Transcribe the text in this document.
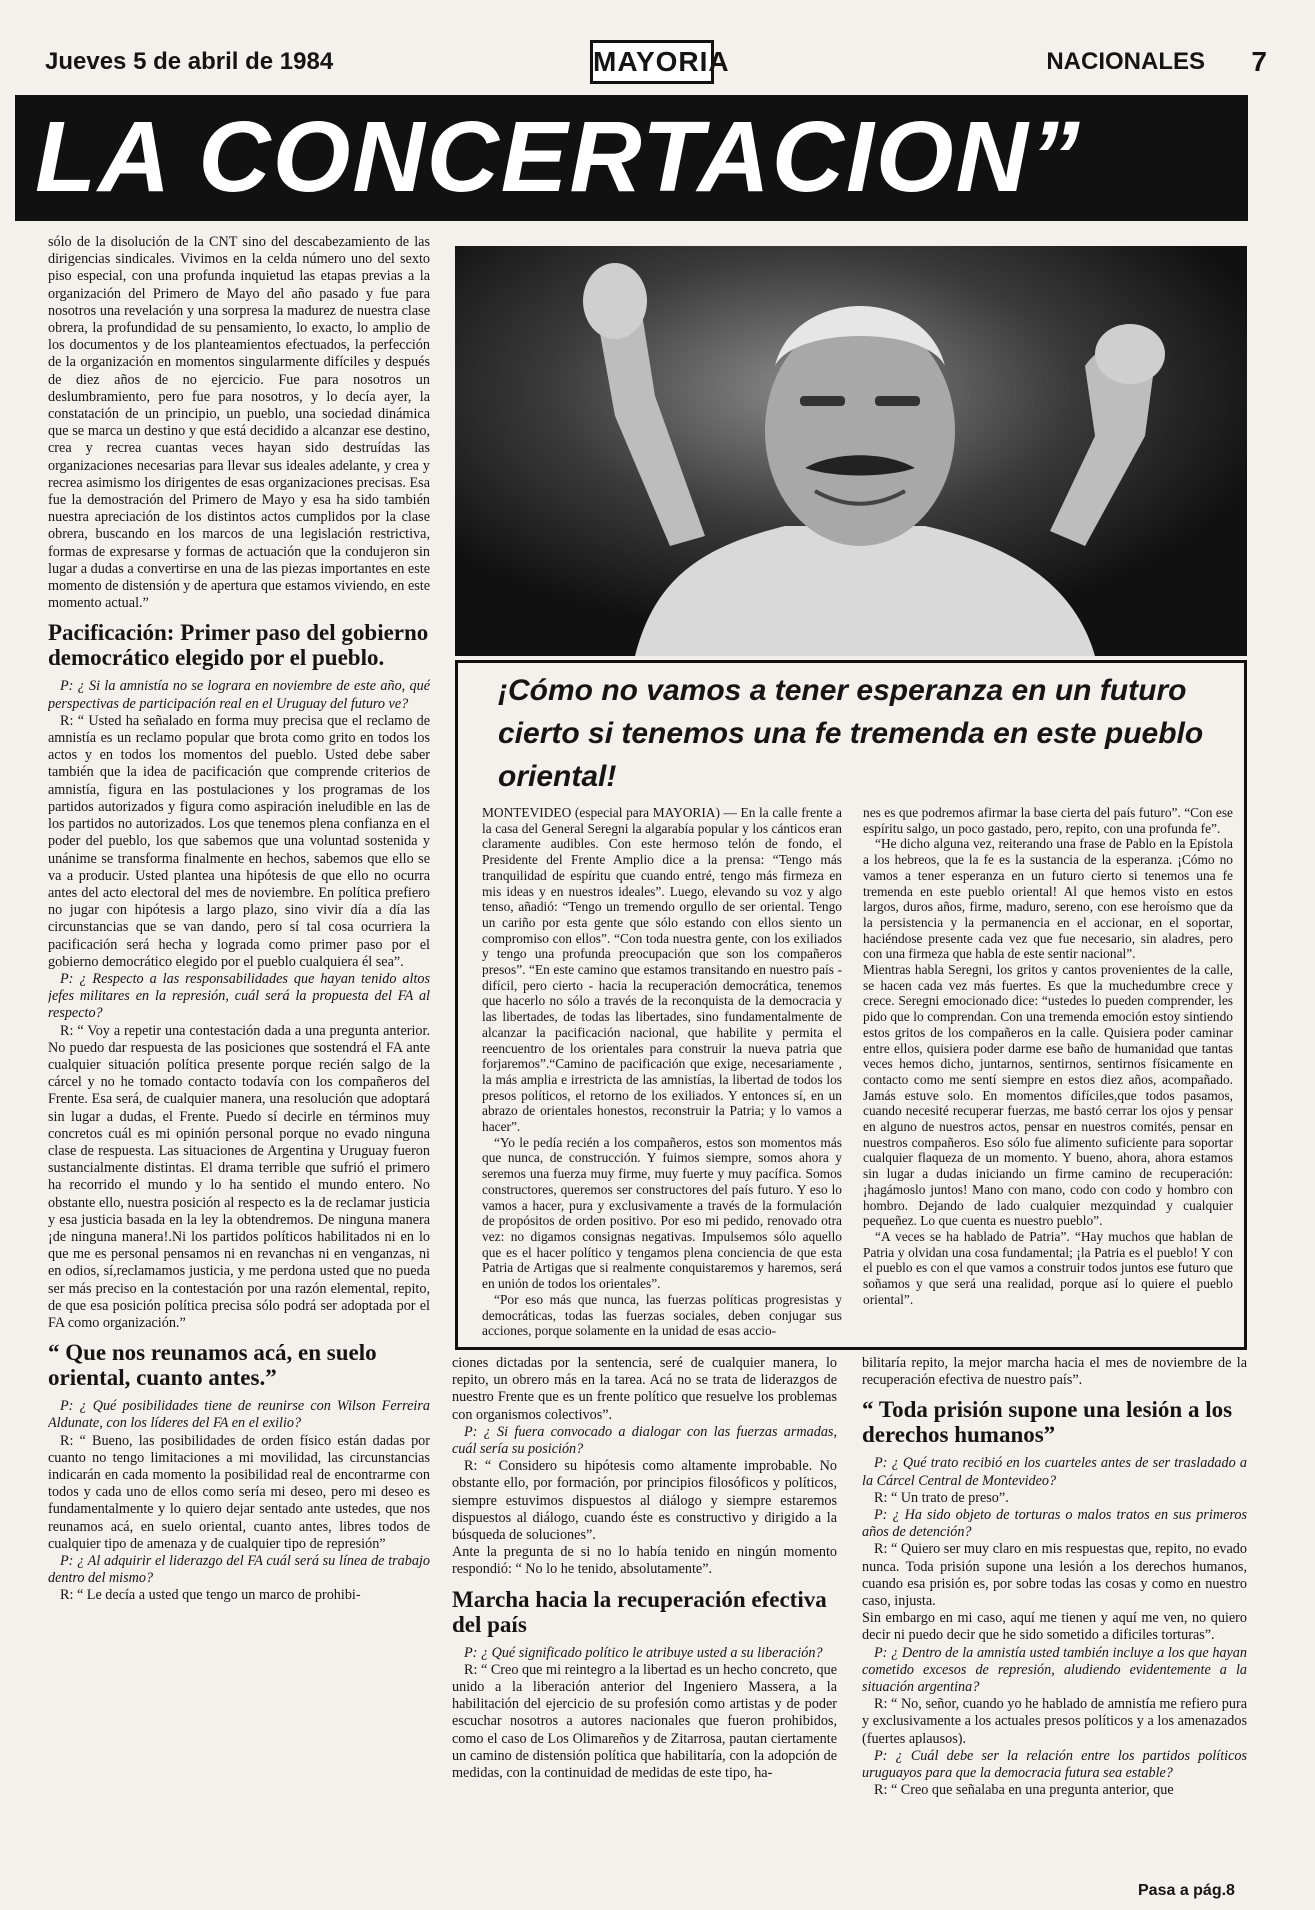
Jueves 5 de abril de 1984	MAYORIA	NACIONALES 7
LA CONCERTACION”

sólo de la disolución de la CNT sino del descabezamiento de las dirigencias sindicales. Vivimos en la celda número uno del sexto piso especial, con una profunda inquietud las etapas previas a la organización del Primero de Mayo del año pasado y fue para nosotros una revelación y una sorpresa la madurez de nuestra clase obrera, la profundidad de su pensamiento, lo exacto, lo amplio de los documentos y de los planteamientos efectuados, la perfección de la organización en momentos singularmente difíciles y después de diez años de no ejercicio. Fue para nosotros un deslumbramiento, pero fue para nosotros, y lo decía ayer, la constatación de un principio, un pueblo, una sociedad dinámica que se marca un destino y que está decidido a alcanzar ese destino, crea y recrea cuantas veces hayan sido destruídas las organizaciones necesarias para llevar sus ideales adelante, y crea y recrea asimismo los dirigentes de esas organizaciones precisas. Esa fue la demostración del Primero de Mayo y esa ha sido también nuestra apreciación de los distintos actos cumplidos por la clase obrera, buscando en los marcos de una legislación restrictiva, formas de expresarse y formas de actuación que la condujeron sin lugar a dudas a convertirse en una de las piezas importantes en este momento de distensión y de apertura que estamos viviendo, en este momento actual.”

Pacificación: Primer paso del gobierno democrático elegido por el pueblo.

P: ¿ Si la amnistía no se lograra en noviembre de este año, qué perspectivas de participación real en el Uruguay del futuro ve?

R: “ Usted ha señalado en forma muy precisa que el reclamo de amnistía es un reclamo popular que brota como grito en todos los actos y en todos los momentos del pueblo. Usted debe saber también que la idea de pacificación que comprende criterios de amnistía, figura en las postulaciones y los programas de los partidos autorizados y figura como aspiración ineludible en las de los partidos no autorizados. Los que tenemos plena confianza en el poder del pueblo, los que sabemos que una voluntad sostenida y unánime se transforma finalmente en hechos, sabemos que ello se va a producir. Usted plantea una hipótesis de que ello no ocurra antes del acto electoral del mes de noviembre. En política prefiero no jugar con hipótesis a largo plazo, sino vivir día a día las circunstancias que se van dando, pero sí tal cosa ocurriera la pacificación será hecha y lograda como primer paso por el gobierno democrático elegido por el pueblo cualquiera él sea”.

P: ¿ Respecto a las responsabilidades que hayan tenido altos jefes militares en la represión, cuál será la propuesta del FA al respecto?

R: “ Voy a repetir una contestación dada a una pregunta anterior. No puedo dar respuesta de las posiciones que sostendrá el FA ante cualquier situación política presente porque recién salgo de la cárcel y no he tomado contacto todavía con los compañeros del Frente. Esa será, de cualquier manera, una resolución que adoptará sin lugar a dudas, el Frente. Puedo sí decirle en términos muy concretos cuál es mi opinión personal porque no evado ninguna clase de respuesta. Las situaciones de Argentina y Uruguay fueron sustancialmente distintas. El drama terrible que sufrió el primero ha recorrido el mundo y lo ha sentido el mundo entero. No obstante ello, nuestra posición al respecto es la de reclamar justicia y esa justicia basada en la ley la obtendremos. De ninguna manera ¡de ninguna manera!.Ni los partidos políticos habilitados ni en lo que me es personal pensamos ni en revanchas ni en venganzas, ni en odios, sí,reclamamos justicia, y me perdona usted que no pueda ser más preciso en la contestación por una razón elemental, repito, de que esa posición política precisa sólo podrá ser adoptada por el FA como organización.”

“ Que nos reunamos acá, en suelo oriental, cuanto antes.”

P: ¿ Qué posibilidades tiene de reunirse con Wilson Ferreira Aldunate, con los líderes del FA en el exilio?

R: “ Bueno, las posibilidades de orden físico están dadas por cuanto no tengo limitaciones a mi movilidad, las circunstancias indicarán en cada momento la posibilidad real de encontrarme con todos y cada uno de ellos como sería mi deseo, pero mi deseo es fundamentalmente y lo quiero dejar sentado ante ustedes, que nos reunamos acá, en suelo oriental, cuanto antes, libres todos de cualquier tipo de amenaza y de cualquier tipo de represión”

P: ¿ Al adquirir el liderazgo del FA cuál será su línea de trabajo dentro del mismo?

R: “ Le decía a usted que tengo un marco de prohibi-

¡Cómo no vamos a tener esperanza en un futuro cierto si tenemos una fe tremenda en este pueblo oriental!

MONTEVIDEO (especial para MAYORIA) — En la calle frente a la casa del General Seregni la algarabía popular y los cánticos eran claramente audibles. Con este hermoso telón de fondo, el Presidente del Frente Amplio dice a la prensa: “Tengo más tranquilidad de espíritu que cuando entré, tengo más firmeza en mis ideas y en nuestros ideales”. Luego, elevando su voz y algo tenso, añadió: “Tengo un tremendo orgullo de ser oriental. Tengo un cariño por esta gente que sólo estando con ellos siento un compromiso con ellos”. “Con toda nuestra gente, con los exiliados y tengo una profunda preocupación que son los compañeros presos”. “En este camino que estamos transitando en nuestro país - difícil, pero cierto - hacia la recuperación democrática, tenemos que hacerlo no sólo a través de la reconquista de la democracia y las libertades, de todas las libertades, sino fundamentalmente de alcanzar la pacificación nacional, que habilite y permita el reencuentro de los orientales para construir la nueva patria que forjaremos”.“Camino de pacificación que exige, necesariamente , la más amplia e irrestricta de las amnistías, la libertad de todos los presos políticos, el retorno de los exiliados. Y entonces sí, en un abrazo de orientales honestos, reconstruir la Patria; y lo vamos a hacer”.

“Yo le pedía recién a los compañeros, estos son momentos más que nunca, de construcción. Y fuimos siempre, somos ahora y seremos una fuerza muy firme, muy fuerte y muy pacífica. Somos constructores, queremos ser constructores del país futuro. Y eso lo vamos a hacer, pura y exclusivamente a través de la formulación de propósitos de orden positivo. Por eso mi pedido, renovado otra vez: no digamos consignas negativas. Impulsemos sólo aquello que es el hacer político y tengamos plena conciencia de que esta Patria de Artigas que si realmente conquistaremos y haremos, será en unión de todos los orientales”.

“Por eso más que nunca, las fuerzas políticas progresistas y democráticas, todas las fuerzas sociales, deben conjugar sus acciones, porque solamente en la unidad de esas accio-

nes es que podremos afirmar la base cierta del país futuro”. “Con ese espíritu salgo, un poco gastado, pero, repito, con una profunda fe”.

“He dicho alguna vez, reiterando una frase de Pablo en la Epístola a los hebreos, que la fe es la sustancia de la esperanza. ¡Cómo no vamos a tener esperanza en un futuro cierto si tenemos una fe tremenda en este pueblo oriental! Al que hemos visto en estos largos, duros años, firme, maduro, sereno, con ese heroísmo que da la persistencia y la permanencia en el accionar, en el soportar, haciéndose presente cada vez que fue necesario, sin aladres, pero con una firmeza que habla de este sentir nacional”.

Mientras habla Seregni, los gritos y cantos provenientes de la calle, se hacen cada vez más fuertes. Es que la muchedumbre crece y crece. Seregni emocionado dice: “ustedes lo pueden comprender, les pido que lo comprendan. Con una tremenda emoción estoy sintiendo estos gritos de los compañeros en la calle. Quisiera poder caminar entre ellos, quisiera poder darme ese baño de humanidad que tantas veces hemos dicho, juntarnos, sentirnos, sentirnos físicamente en contacto como me sentí siempre en estos diez años, acompañado. Jamás estuve solo. En momentos difíciles,que todos pasamos, cuando necesité recuperar fuerzas, me bastó cerrar los ojos y pensar en alguno de nuestros actos, pensar en nuestros comités, pensar en nuestros compañeros. Eso sólo fue alimento suficiente para soportar cualquier flaqueza de un momento. Y bueno, ahora, ahora estamos sin lugar a dudas iniciando un firme camino de recuperación: ¡hagámoslo juntos! Mano con mano, codo con codo y hombro con hombro. Dejando de lado cualquier mezquindad y cualquier pequeñez. Lo que cuenta es nuestro pueblo”.

“A veces se ha hablado de Patria”. “Hay muchos que hablan de Patria y olvidan una cosa fundamental; ¡la Patria es el pueblo! Y con el pueblo es con el que vamos a construir todos juntos ese futuro que soñamos y que será una realidad, porque así lo quiere el pueblo oriental”.

ciones dictadas por la sentencia, seré de cualquier manera, lo repito, un obrero más en la tarea. Acá no se trata de liderazgos de nuestro Frente que es un frente político que resuelve los problemas con organismos colectivos”.

P: ¿ Si fuera convocado a dialogar con las fuerzas armadas, cuál sería su posición?

R: “ Considero su hipótesis como altamente improbable. No obstante ello, por formación, por principios filosóficos y políticos, siempre estuvimos dispuestos al diálogo y siempre estaremos dispuestos al diálogo, cuando éste es constructivo y dirigido a la búsqueda de soluciones”.

Ante la pregunta de si no lo había tenido en ningún momento respondió: “ No lo he tenido, absolutamente”.

Marcha hacia la recuperación efectiva del país

P: ¿ Qué significado político le atribuye usted a su liberación?

R: “ Creo que mi reintegro a la libertad es un hecho concreto, que unido a la liberación anterior del Ingeniero Massera, a la habilitación del ejercicio de su profesión como artistas y de poder escuchar nosotros a autores nacionales que fueron prohibidos, como el caso de Los Olimareños y de Zitarrosa, pautan ciertamente un camino de distensión política que habilitaría, con la adopción de medidas, con la continuidad de medidas de este tipo, ha-

bilitaría repito, la mejor marcha hacia el mes de noviembre de la recuperación efectiva de nuestro país”.

“ Toda prisión supone una lesión a los derechos humanos”

P: ¿ Qué trato recibió en los cuarteles antes de ser trasladado a la Cárcel Central de Montevideo?

R: “ Un trato de preso”.

P: ¿ Ha sido objeto de torturas o malos tratos en sus primeros años de detención?

R: “ Quiero ser muy claro en mis respuestas que, repito, no evado nunca. Toda prisión supone una lesión a los derechos humanos, cuando esa prisión es, por sobre todas las cosas y como en nuestro caso, injusta.

Sin embargo en mi caso, aquí me tienen y aquí me ven, no quiero decir ni puedo decir que he sido sometido a dificiles torturas”.

P: ¿ Dentro de la amnistía usted también incluye a los que hayan cometido excesos de represión, aludiendo evidentemente a la situación argentina?

R: “ No, señor, cuando yo he hablado de amnistía me refiero pura y exclusivamente a los actuales presos políticos y a los amenazados (fuertes aplausos).

P: ¿ Cuál debe ser la relación entre los partidos políticos uruguayos para que la democracia futura sea estable?

R: “ Creo que señalaba en una pregunta anterior, que

Pasa a pág.8
